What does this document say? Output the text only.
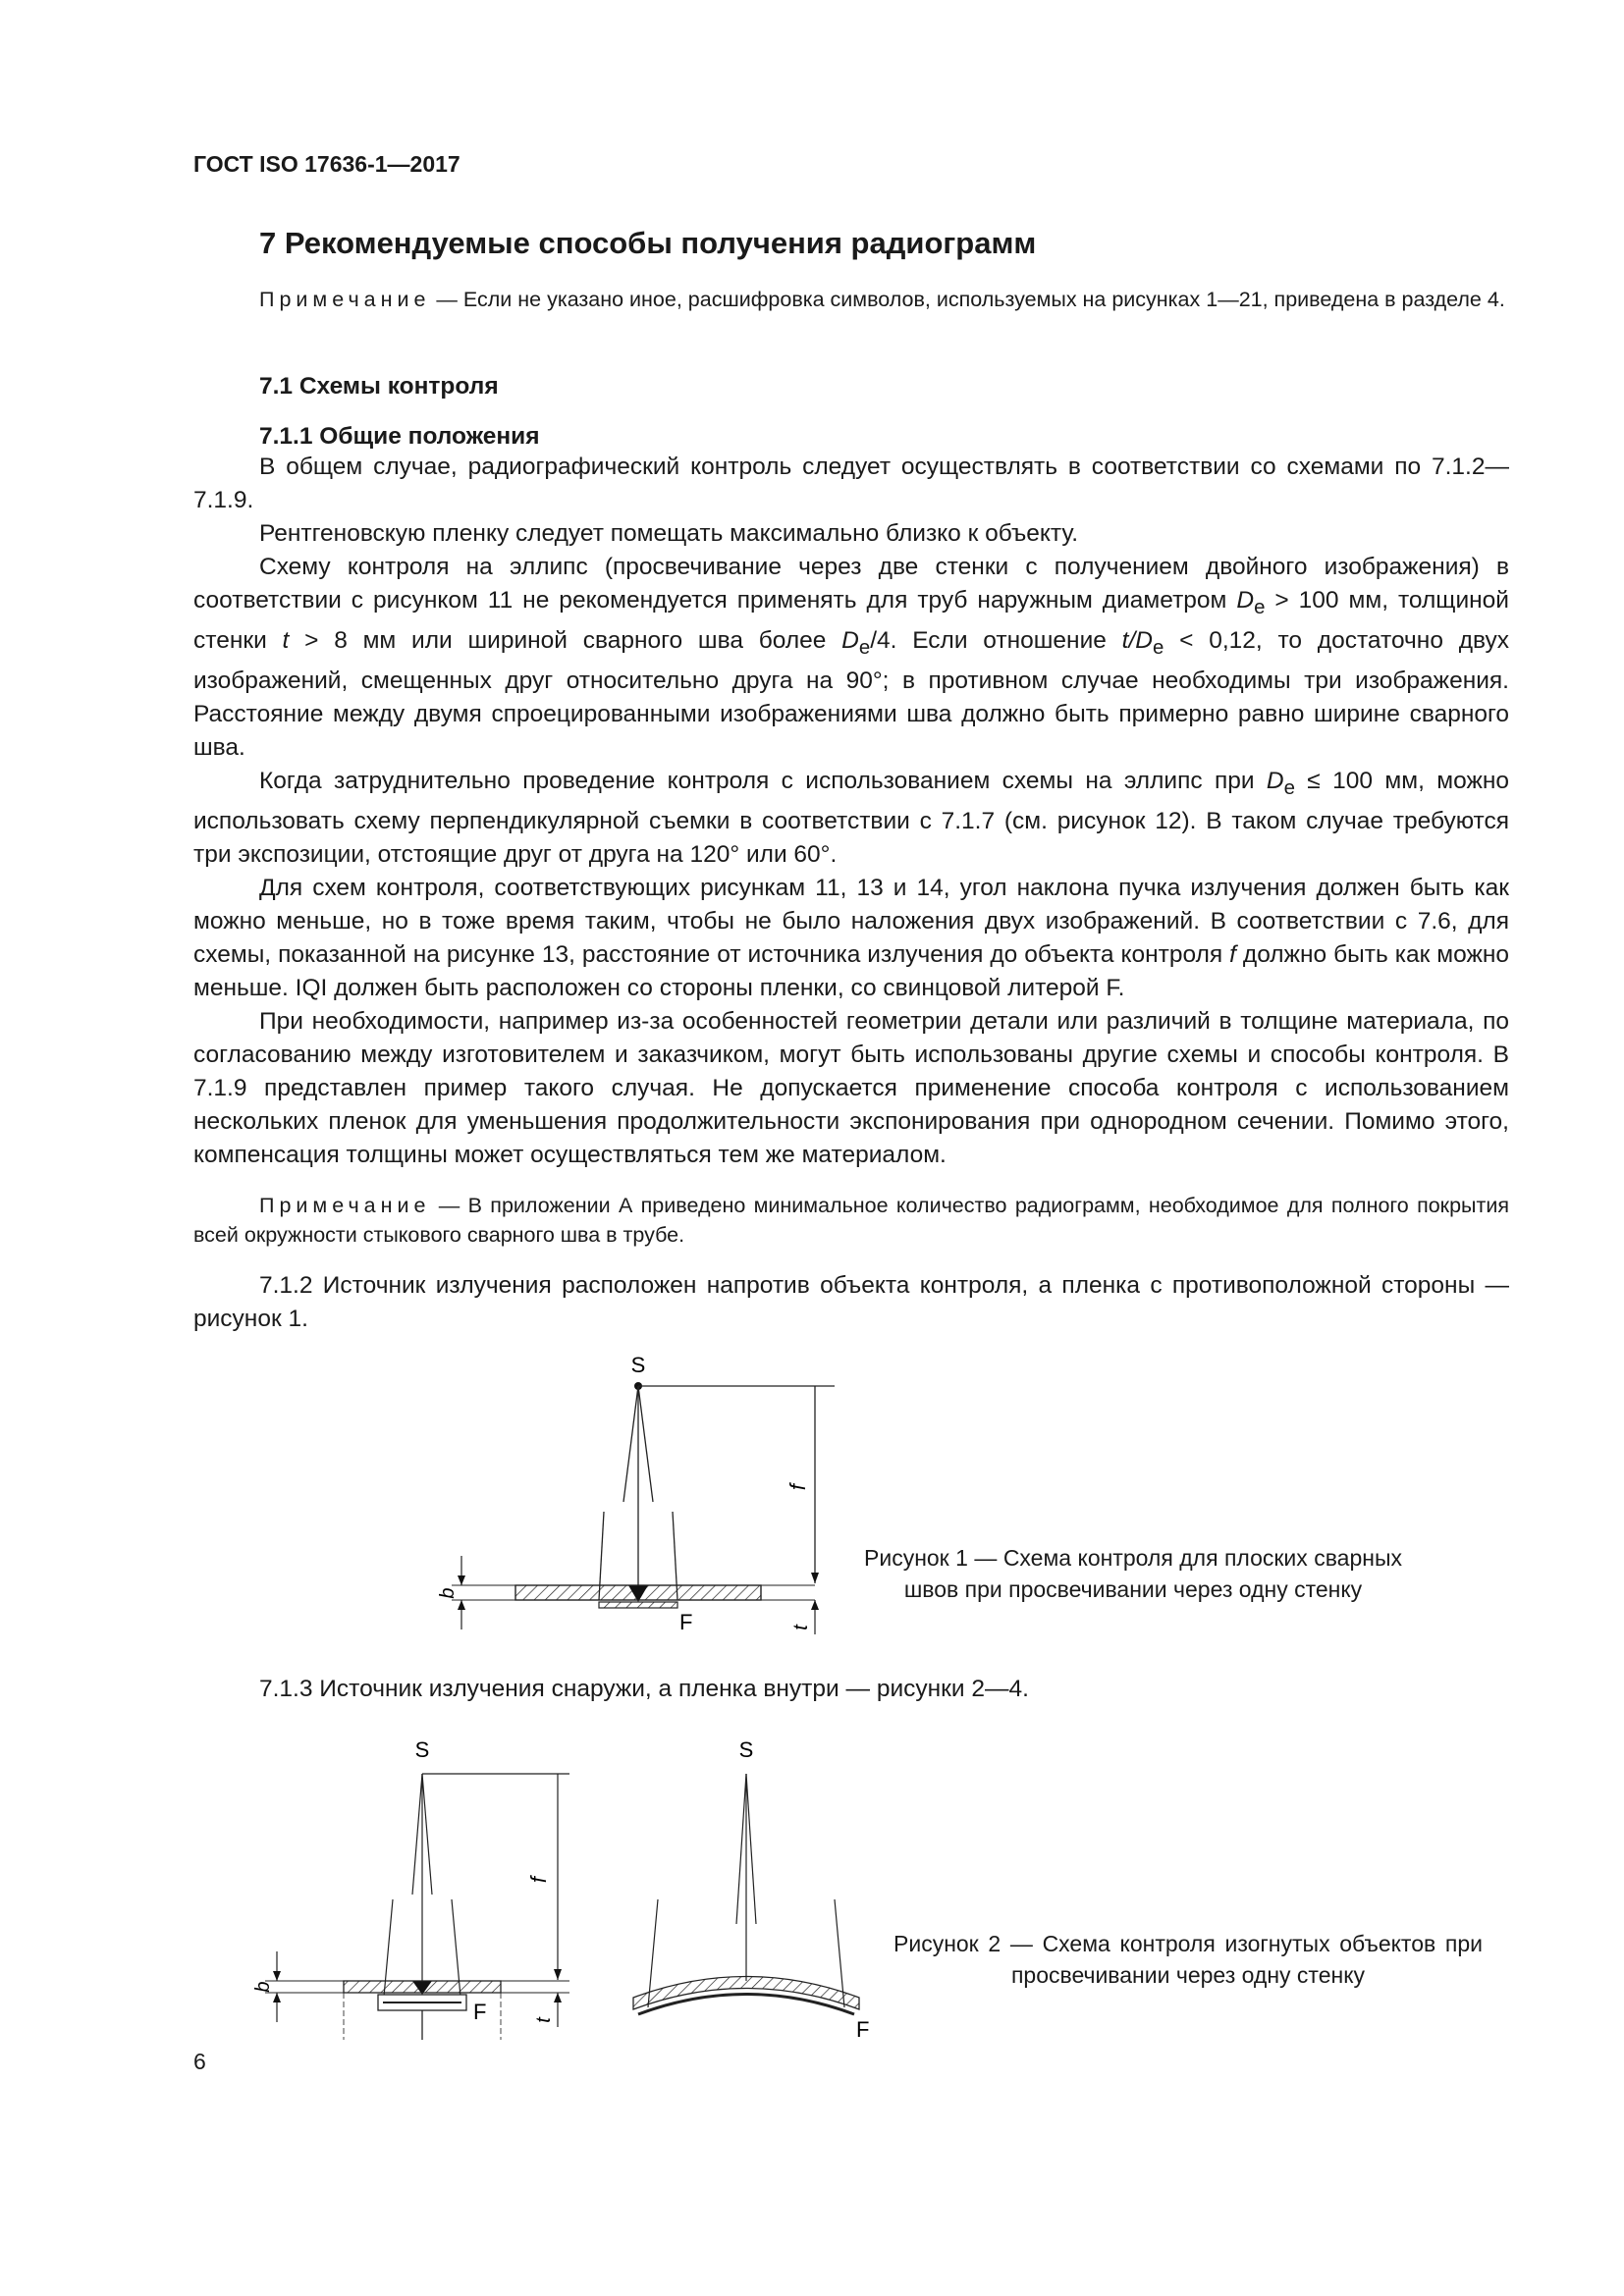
ГОСТ ISO 17636-1—2017
7 Рекомендуемые способы получения радиограмм

Примечание — Если не указано иное, расшифровка символов, используемых на рисунках 1—21, приведена в разделе 4.

7.1 Схемы контроля
7.1.1 Общие положения

В общем случае, радиографический контроль следует осуществлять в соответствии со схемами по 7.1.2—7.1.9.

Рентгеновскую пленку следует помещать максимально близко к объекту.

Схему контроля на эллипс (просвечивание через две стенки с получением двойного изображения) в соответствии с рисунком 11 не рекомендуется применять для труб наружным диаметром $D_e > 100$ мм, толщиной стенки t > 8 мм или шириной сварного шва более $D_e/4$. Если отношение $t/D_e < 0,12$, то достаточно двух изображений, смещенных друг относительно друга на 90°; в противном случае необходимы три изображения. Расстояние между двумя спроецированными изображениями шва должно быть примерно равно ширине сварного шва.

Когда затруднительно проведение контроля с использованием схемы на эллипс при $D_e \le 100$ мм, можно использовать схему перпендикулярной съемки в соответствии с 7.1.7 (см. рисунок 12). В таком случае требуются три экспозиции, отстоящие друг от друга на 120° или 60°.

Для схем контроля, соответствующих рисункам 11, 13 и 14, угол наклона пучка излучения должен быть как можно меньше, но в тоже время таким, чтобы не было наложения двух изображений. В соответствии с 7.6, для схемы, показанной на рисунке 13, расстояние от источника излучения до объекта контроля f должно быть как можно меньше. IQI должен быть расположен со стороны пленки, со свинцовой литерой F.

При необходимости, например из-за особенностей геометрии детали или различий в толщине материала, по согласованию между изготовителем и заказчиком, могут быть использованы другие схемы и способы контроля. В 7.1.9 представлен пример такого случая. Не допускается применение способа контроля с использованием нескольких пленок для уменьшения продолжительности экспонирования при однородном сечении. Помимо этого, компенсация толщины может осуществляться тем же материалом.

Примечание — В приложении А приведено минимальное количество радиограмм, необходимое для полного покрытия всей окружности стыкового сварного шва в трубе.

7.1.2 Источник излучения расположен напротив объекта контроля, а пленка с противоположной стороны — рисунок 1.

S
f
F
b
t
Рисунок 1 — Схема контроля для плоских сварных швов при просвечивании через одну стенку

7.1.3 Источник излучения снаружи, а пленка внутри — рисунки 2—4.

S
f
F
b
t
S
F
Рисунок 2 — Схема контроля изогнутых объектов при просвечивании через одну стенку
6
